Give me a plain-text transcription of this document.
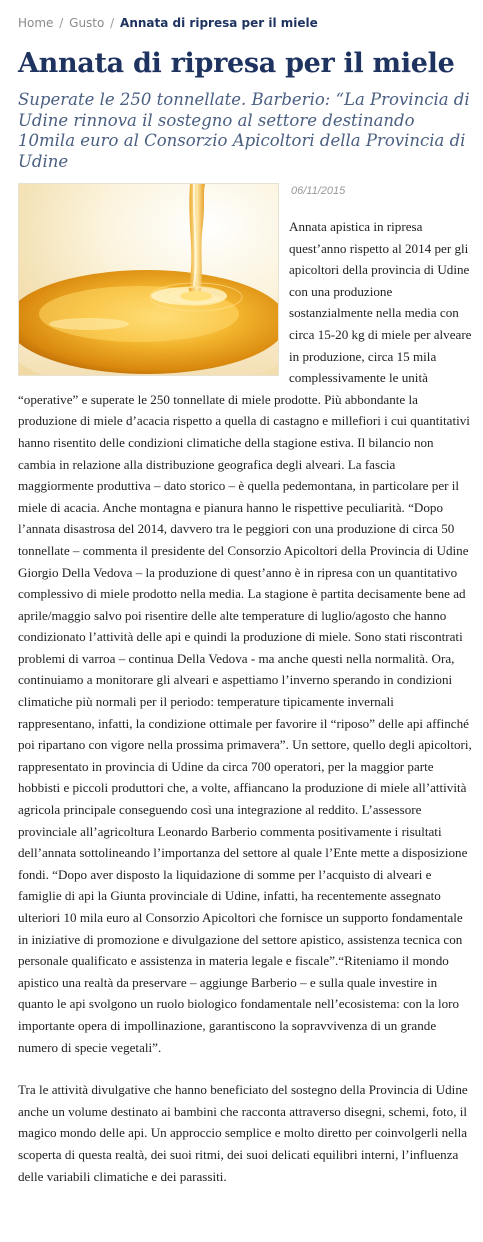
Home / Gusto / Annata di ripresa per il miele
Annata di ripresa per il miele
Superate le 250 tonnellate. Barberio: “La Provincia di Udine rinnova il sostegno al settore destinando 10mila euro al Consorzio Apicoltori della Provincia di Udine
06/11/2015

Annata apistica in ripresa quest’anno rispetto al 2014 per gli apicoltori della provincia di Udine con una produzione sostanzialmente nella media con circa 15-20 kg di miele per alveare in produzione, circa 15 mila complessivamente le unità “operative” e superate le 250 tonnellate di miele prodotte. Più abbondante la produzione di miele d’acacia rispetto a quella di castagno e millefiori i cui quantitativi hanno risentito delle condizioni climatiche della stagione estiva. Il bilancio non cambia in relazione alla distribuzione geografica degli alveari. La fascia maggiormente produttiva – dato storico – è quella pedemontana, in particolare per il miele di acacia. Anche montagna e pianura hanno le rispettive peculiarità. “Dopo l’annata disastrosa del 2014, davvero tra le peggiori con una produzione di circa 50 tonnellate – commenta il presidente del Consorzio Apicoltori della Provincia di Udine Giorgio Della Vedova – la produzione di quest’anno è in ripresa con un quantitativo complessivo di miele prodotto nella media. La stagione è partita decisamente bene ad aprile/maggio salvo poi risentire delle alte temperature di luglio/agosto che hanno condizionato l’attività delle api e quindi la produzione di miele. Sono stati riscontrati problemi di varroa – continua Della Vedova - ma anche questi nella normalità. Ora, continuiamo a monitorare gli alveari e aspettiamo l’inverno sperando in condizioni climatiche più normali per il periodo: temperature tipicamente invernali rappresentano, infatti, la condizione ottimale per favorire il “riposo” delle api affinché poi ripartano con vigore nella prossima primavera”. Un settore, quello degli apicoltori, rappresentato in provincia di Udine da circa 700 operatori, per la maggior parte hobbisti e piccoli produttori che, a volte, affiancano la produzione di miele all’attività agricola principale conseguendo così una integrazione al reddito. L’assessore provinciale all’agricoltura Leonardo Barberio commenta positivamente i risultati dell’annata sottolineando l’importanza del settore al quale l’Ente mette a disposizione fondi. “Dopo aver disposto la liquidazione di somme per l’acquisto di alveari e famiglie di api la Giunta provinciale di Udine, infatti, ha recentemente assegnato ulteriori 10 mila euro al Consorzio Apicoltori che fornisce un supporto fondamentale in iniziative di promozione e divulgazione del settore apistico, assistenza tecnica con personale qualificato e assistenza in materia legale e fiscale”.“Riteniamo il mondo apistico una realtà da preservare – aggiunge Barberio – e sulla quale investire in quanto le api svolgono un ruolo biologico fondamentale nell’ecosistema: con la loro importante opera di impollinazione, garantiscono la sopravvivenza di un grande numero di specie vegetali”.

Tra le attività divulgative che hanno beneficiato del sostegno della Provincia di Udine anche un volume destinato ai bambini che racconta attraverso disegni, schemi, foto, il magico mondo delle api. Un approccio semplice e molto diretto per coinvolgerli nella scoperta di questa realtà, dei suoi ritmi, dei suoi delicati equilibri interni, l’influenza delle variabili climatiche e dei parassiti.
